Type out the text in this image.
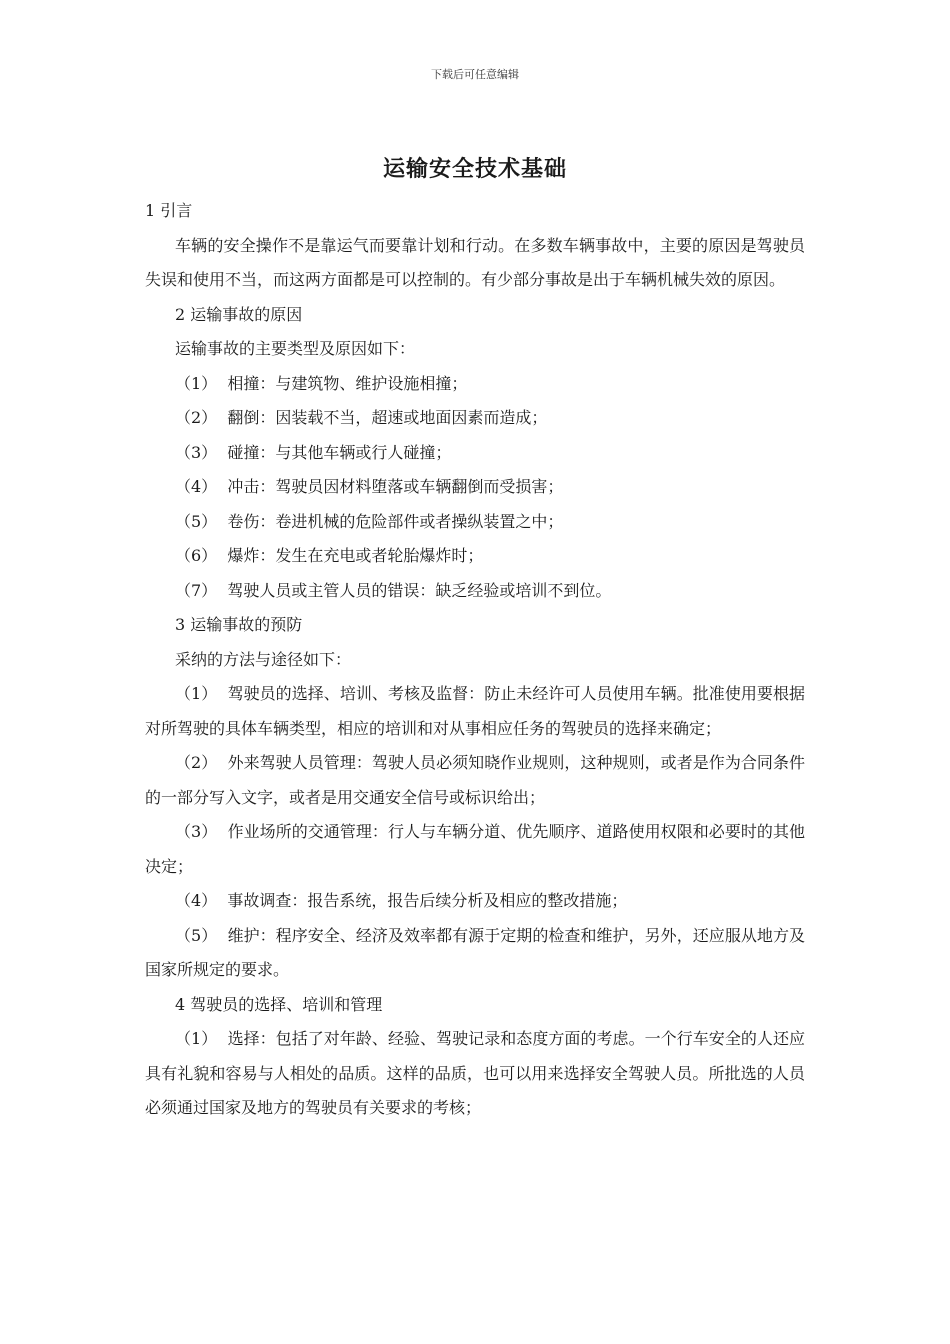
下载后可任意编辑
运输安全技术基础

1 引言

车辆的安全操作不是靠运气而要靠计划和行动。在多数车辆事故中，主要的原因是驾驶员失误和使用不当，而这两方面都是可以控制的。有少部分事故是出于车辆机械失效的原因。

2 运输事故的原因

运输事故的主要类型及原因如下：

（1）  相撞：与建筑物、维护设施相撞；

（2）  翻倒：因装载不当，超速或地面因素而造成；

（3）  碰撞：与其他车辆或行人碰撞；

（4）  冲击：驾驶员因材料堕落或车辆翻倒而受损害；

（5）  卷伤：卷进机械的危险部件或者操纵装置之中；

（6）  爆炸：发生在充电或者轮胎爆炸时；

（7）  驾驶人员或主管人员的错误：缺乏经验或培训不到位。

3 运输事故的预防

采纳的方法与途径如下：

（1）  驾驶员的选择、培训、考核及监督：防止未经许可人员使用车辆。批准使用要根据对所驾驶的具体车辆类型，相应的培训和对从事相应任务的驾驶员的选择来确定；

（2）  外来驾驶人员管理：驾驶人员必须知晓作业规则，这种规则，或者是作为合同条件的一部分写入文字，或者是用交通安全信号或标识给出；

（3）  作业场所的交通管理：行人与车辆分道、优先顺序、道路使用权限和必要时的其他决定；

（4）  事故调查：报告系统，报告后续分析及相应的整改措施；

（5）  维护：程序安全、经济及效率都有源于定期的检查和维护，另外，还应服从地方及国家所规定的要求。

4 驾驶员的选择、培训和管理

（1）  选择：包括了对年龄、经验、驾驶记录和态度方面的考虑。一个行车安全的人还应具有礼貌和容易与人相处的品质。这样的品质，也可以用来选择安全驾驶人员。所批选的人员必须通过国家及地方的驾驶员有关要求的考核；
